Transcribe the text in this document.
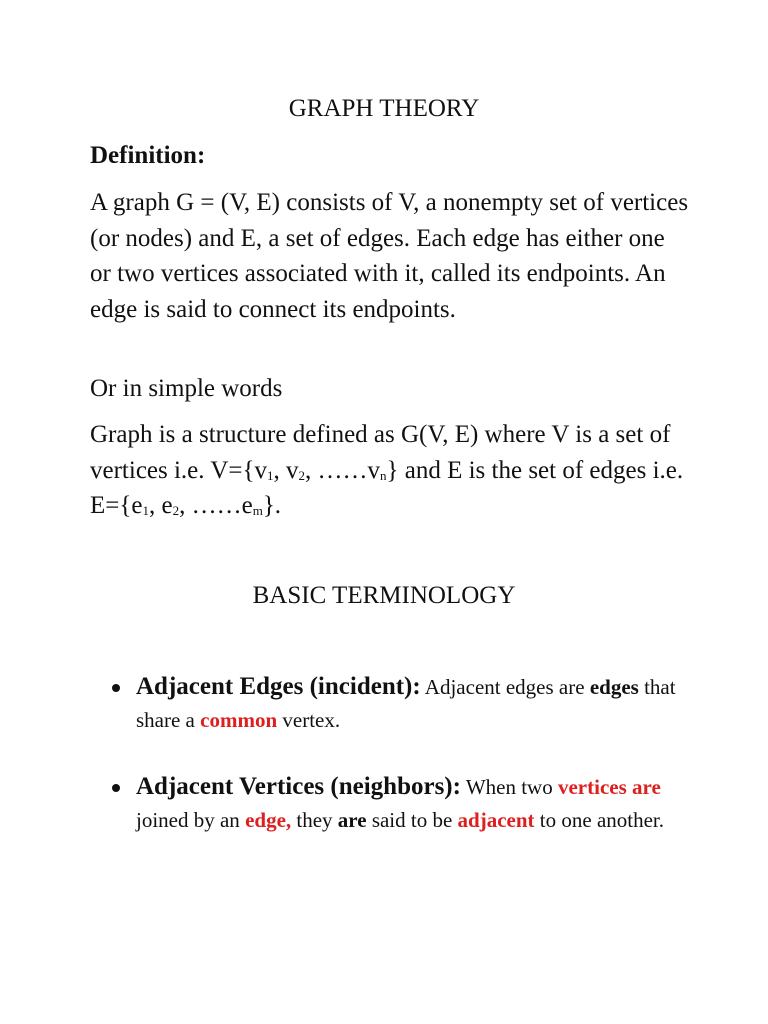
GRAPH THEORY
Definition:

A graph G = (V, E) consists of V, a nonempty set of vertices (or nodes) and E, a set of edges. Each edge has either one or two vertices associated with it, called its endpoints. An edge is said to connect its endpoints.

Or in simple words

Graph is a structure defined as G(V, E) where V is a set of vertices i.e. $V=\{v_1$, $v_2$, $\dots\dots v_n$} and E is the set of edges i.e. $E=\{e_1$, $e_2$, $\dots\dots e_m$}.

BASIC TERMINOLOGY

Adjacent Edges (incident): Adjacent edges are edges that share a common vertex.

Adjacent Vertices (neighbors): When two vertices are joined by an edge, they are said to be adjacent to one another.
